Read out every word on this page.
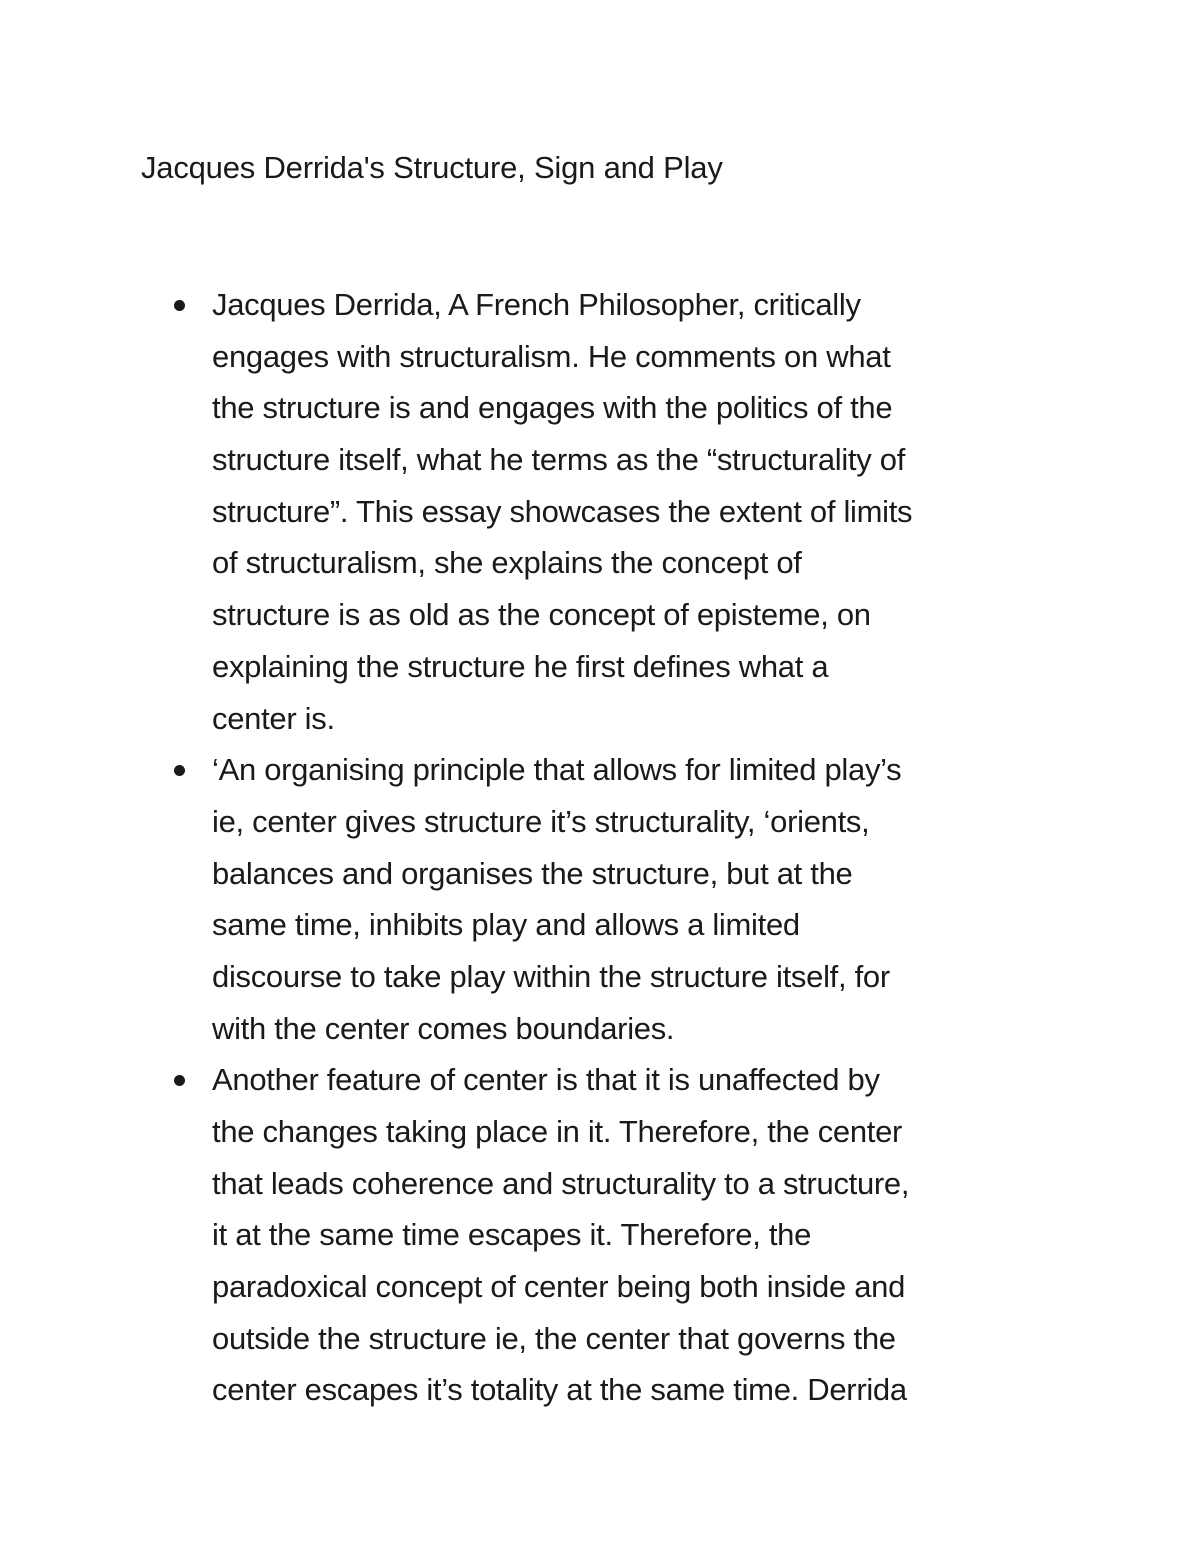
Jacques Derrida's Structure, Sign and Play
Jacques Derrida, A French Philosopher, critically
engages with structuralism. He comments on what
the structure is and engages with the politics of the
structure itself, what he terms as the “structurality of
structure”. This essay showcases the extent of limits
of structuralism, she explains the concept of
structure is as old as the concept of episteme, on
explaining the structure he first defines what a
center is.
‘An organising principle that allows for limited play’s
ie, center gives structure it’s structurality, ‘orients,
balances and organises the structure, but at the
same time, inhibits play and allows a limited
discourse to take play within the structure itself, for
with the center comes boundaries.
Another feature of center is that it is unaffected by
the changes taking place in it. Therefore, the center
that leads coherence and structurality to a structure,
it at the same time escapes it. Therefore, the
paradoxical concept of center being both inside and
outside the structure ie, the center that governs the
center escapes it’s totality at the same time. Derrida
